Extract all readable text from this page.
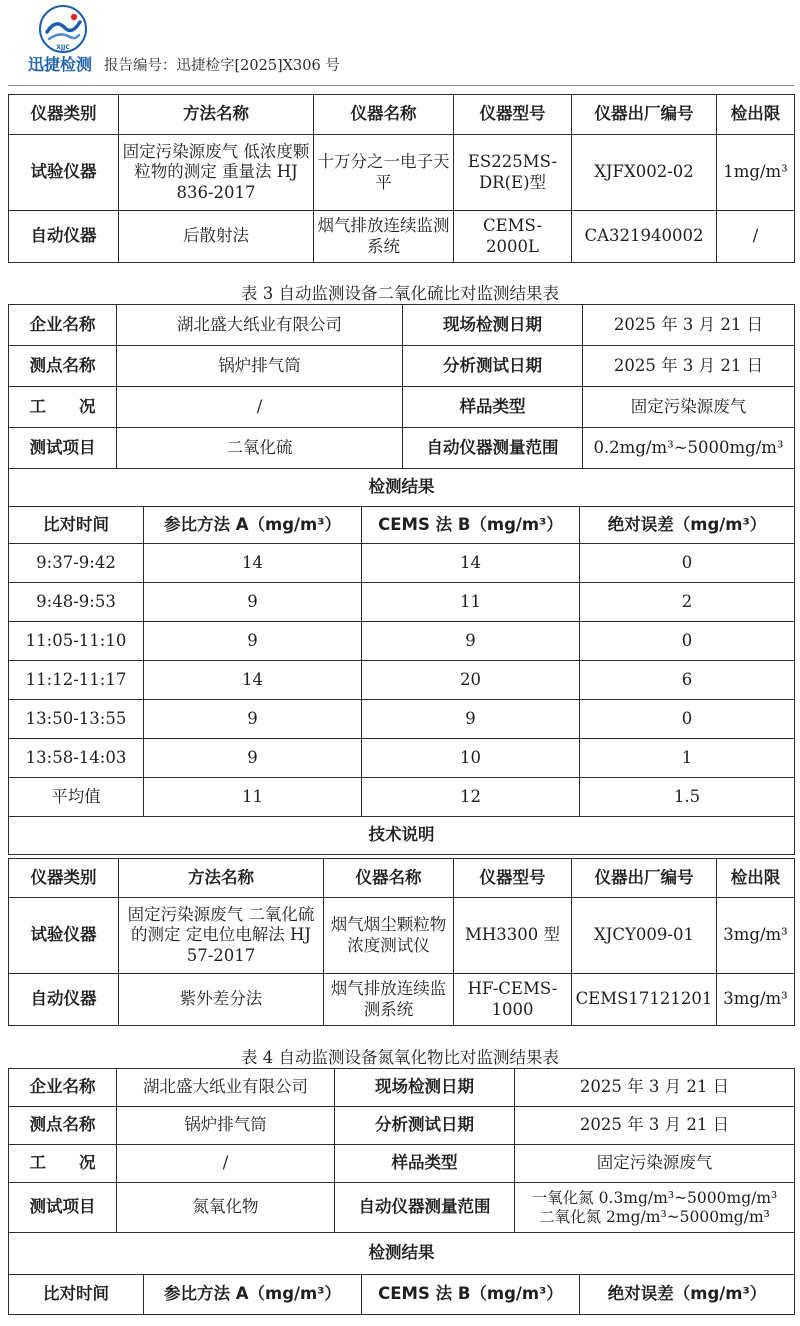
XJJC
迅捷检测 报告编号：迅捷检字[2025]X306 号
仪器类别	方法名称	仪器名称	仪器型号	仪器出厂编号	检出限
试验仪器	固定污染源废气 低浓度颗粒物的测定 重量法 HJ 836-2017	十万分之一电子天平	ES225MS-DR(E)型	XJFX002-02	1mg/m³
自动仪器	后散射法	烟气排放连续监测系统	CEMS-2000L	CA321940002	/
表 3 自动监测设备二氧化硫比对监测结果表
企业名称	湖北盛大纸业有限公司	现场检测日期	2025 年 3 月 21 日
测点名称	锅炉排气筒	分析测试日期	2025 年 3 月 21 日
工　　况	/	样品类型	固定污染源废气
测试项目	二氧化硫	自动仪器测量范围	0.2mg/m³~5000mg/m³
检测结果			
比对时间	参比方法 A（mg/m³）	CEMS 法 B（mg/m³）	绝对误差（mg/m³）
9:37-9:42	14	14	0
9:48-9:53	9	11	2
11:05-11:10	9	9	0
11:12-11:17	14	20	6
13:50-13:55	9	9	0
13:58-14:03	9	10	1
平均值	11	12	1.5
技术说明			
仪器类别	方法名称	仪器名称	仪器型号	仪器出厂编号	检出限
试验仪器	固定污染源废气 二氧化硫的测定 定电位电解法 HJ 57-2017	烟气烟尘颗粒物浓度测试仪	MH3300 型	XJCY009-01	3mg/m³
自动仪器	紫外差分法	烟气排放连续监测系统	HF-CEMS-1000	CEMS17121201	3mg/m³
表 4 自动监测设备氮氧化物比对监测结果表
企业名称	湖北盛大纸业有限公司	现场检测日期	2025 年 3 月 21 日
测点名称	锅炉排气筒	分析测试日期	2025 年 3 月 21 日
工　　况	/	样品类型	固定污染源废气
测试项目	氮氧化物	自动仪器测量范围	一氧化氮 0.3mg/m³~5000mg/m³
二氧化氮 2mg/m³~5000mg/m³
检测结果
比对时间	参比方法 A（mg/m³）	CEMS 法 B（mg/m³）	绝对误差（mg/m³）
